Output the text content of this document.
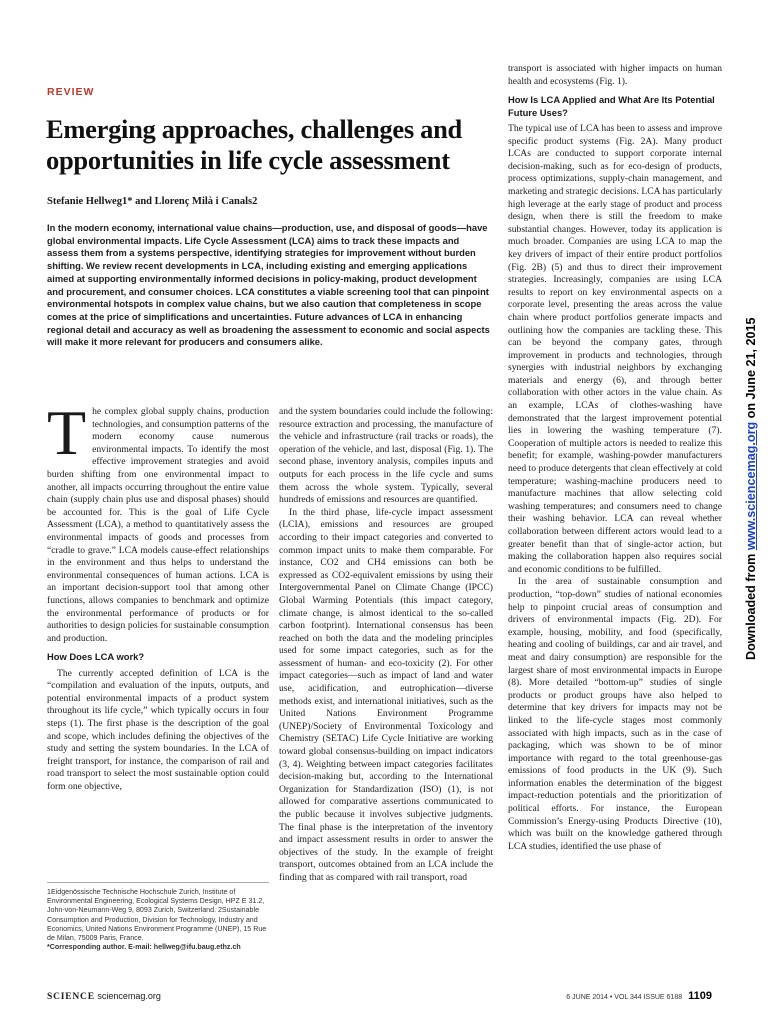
REVIEW
Emerging approaches, challenges and opportunities in life cycle assessment
Stefanie Hellweg1* and Llorenç Milà i Canals2
In the modern economy, international value chains—production, use, and disposal of goods—have global environmental impacts. Life Cycle Assessment (LCA) aims to track these impacts and assess them from a systems perspective, identifying strategies for improvement without burden shifting. We review recent developments in LCA, including existing and emerging applications aimed at supporting environmentally informed decisions in policy-making, product development and procurement, and consumer choices. LCA constitutes a viable screening tool that can pinpoint environmental hotspots in complex value chains, but we also caution that completeness in scope comes at the price of simplifications and uncertainties. Future advances of LCA in enhancing regional detail and accuracy as well as broadening the assessment to economic and social aspects will make it more relevant for producers and consumers alike.

The complex global supply chains, production technologies, and consumption patterns of the modern economy cause numerous environmental impacts. To identify the most effective improvement strategies and avoid burden shifting from one environmental impact to another, all impacts occurring throughout the entire value chain (supply chain plus use and disposal phases) should be accounted for. This is the goal of Life Cycle Assessment (LCA), a method to quantitatively assess the environmental impacts of goods and processes from “cradle to grave.” LCA models cause-effect relationships in the environment and thus helps to understand the environmental consequences of human actions. LCA is an important decision-support tool that among other functions, allows companies to benchmark and optimize the environmental performance of products or for authorities to design policies for sustainable consumption and production.

How Does LCA work?

The currently accepted definition of LCA is the “compilation and evaluation of the inputs, outputs, and potential environmental impacts of a product system throughout its life cycle,” which typically occurs in four steps (1). The first phase is the description of the goal and scope, which includes defining the objectives of the study and setting the system boundaries. In the LCA of freight transport, for instance, the comparison of rail and road transport to select the most sustainable option could form one objective,

and the system boundaries could include the following: resource extraction and processing, the manufacture of the vehicle and infrastructure (rail tracks or roads), the operation of the vehicle, and last, disposal (Fig. 1). The second phase, inventory analysis, compiles inputs and outputs for each process in the life cycle and sums them across the whole system. Typically, several hundreds of emissions and resources are quantified.

In the third phase, life-cycle impact assessment (LCIA), emissions and resources are grouped according to their impact categories and converted to common impact units to make them comparable. For instance, CO2 and CH4 emissions can both be expressed as CO2-equivalent emissions by using their Intergovernmental Panel on Climate Change (IPCC) Global Warming Potentials (this impact category, climate change, is almost identical to the so-called carbon footprint). International consensus has been reached on both the data and the modeling principles used for some impact categories, such as for the assessment of human- and eco-toxicity (2). For other impact categories—such as impact of land and water use, acidification, and eutrophication—diverse methods exist, and international initiatives, such as the United Nations Environment Programme (UNEP)/Society of Environmental Toxicology and Chemistry (SETAC) Life Cycle Initiative are working toward global consensus-building on impact indicators (3, 4). Weighting between impact categories facilitates decision-making but, according to the International Organization for Standardization (ISO) (1), is not allowed for comparative assertions communicated to the public because it involves subjective judgments. The final phase is the interpretation of the inventory and impact assessment results in order to answer the objectives of the study. In the example of freight transport, outcomes obtained from an LCA include the finding that as compared with rail transport, road

transport is associated with higher impacts on human health and ecosystems (Fig. 1).

How Is LCA Applied and What Are Its Potential Future Uses?

The typical use of LCA has been to assess and improve specific product systems (Fig. 2A). Many product LCAs are conducted to support corporate internal decision-making, such as for eco-design of products, process optimizations, supply-chain management, and marketing and strategic decisions. LCA has particularly high leverage at the early stage of product and process design, when there is still the freedom to make substantial changes. However, today its application is much broader. Companies are using LCA to map the key drivers of impact of their entire product portfolios (Fig. 2B) (5) and thus to direct their improvement strategies. Increasingly, companies are using LCA results to report on key environmental aspects on a corporate level, presenting the areas across the value chain where product portfolios generate impacts and outlining how the companies are tackling these. This can be beyond the company gates, through improvement in products and technologies, through synergies with industrial neighbors by exchanging materials and energy (6), and through better collaboration with other actors in the value chain. As an example, LCAs of clothes-washing have demonstrated that the largest improvement potential lies in lowering the washing temperature (7). Cooperation of multiple actors is needed to realize this benefit; for example, washing-powder manufacturers need to produce detergents that clean effectively at cold temperature; washing-machine producers need to manufacture machines that allow selecting cold washing temperatures; and consumers need to change their washing behavior. LCA can reveal whether collaboration between different actors would lead to a greater benefit than that of single-actor action, but making the collaboration happen also requires social and economic conditions to be fulfilled.

In the area of sustainable consumption and production, “top-down” studies of national economies help to pinpoint crucial areas of consumption and drivers of environmental impacts (Fig. 2D). For example, housing, mobility, and food (specifically, heating and cooling of buildings, car and air travel, and meat and dairy consumption) are responsible for the largest share of most environmental impacts in Europe (8). More detailed “bottom-up” studies of single products or product groups have also helped to determine that key drivers for impacts may not be linked to the life-cycle stages most commonly associated with high impacts, such as in the case of packaging, which was shown to be of minor importance with regard to the total greenhouse-gas emissions of food products in the UK (9). Such information enables the determination of the biggest impact-reduction potentials and the prioritization of political efforts. For instance, the European Commission’s Energy-using Products Directive (10), which was built on the knowledge gathered through LCA studies, identified the use phase of

1Eidgenössische Technische Hochschule Zurich, Institute of Environmental Engineering, Ecological Systems Design, HPZ E 31.2, John-von-Neumann-Weg 9, 8093 Zurich, Switzerland. 2Sustainable Consumption and Production, Division for Technology, Industry and Economics, United Nations Environment Programme (UNEP), 15 Rue de Milan, 75009 Paris, France.
*Corresponding author. E-mail: hellweg@ifu.baug.ethz.ch
SCIENCE sciencemag.org	6 JUNE 2014 • VOL 344 ISSUE 6188 1109
Downloaded from www.sciencemag.org on June 21, 2015
